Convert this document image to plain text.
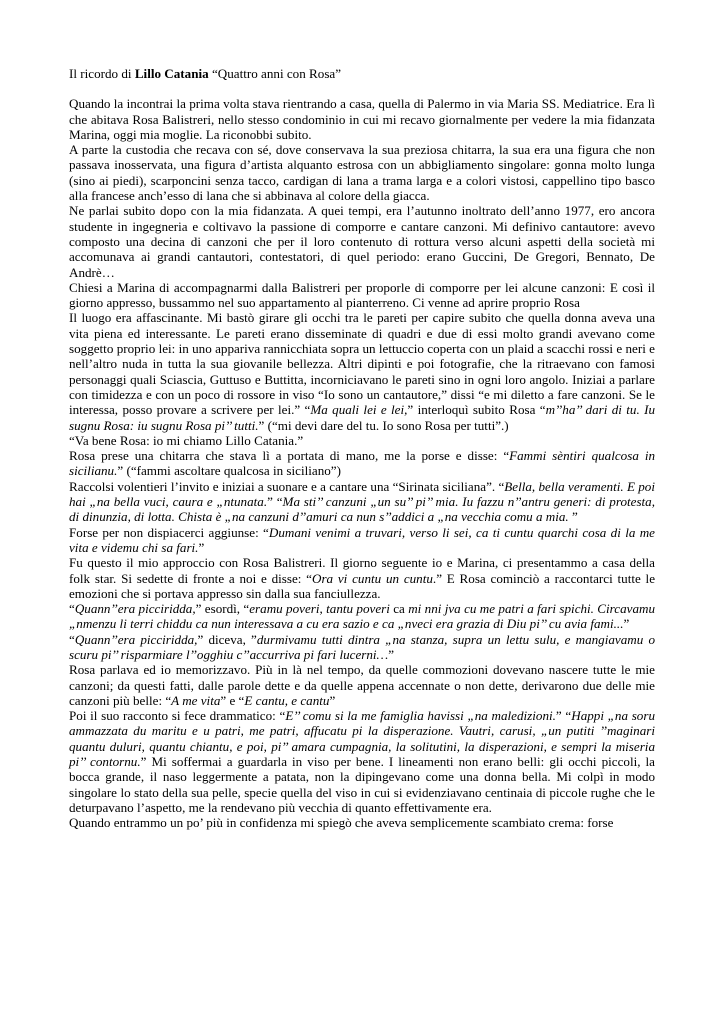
Il ricordo di Lillo Catania “Quattro anni con Rosa”

Quando la incontrai la prima volta stava rientrando a casa, quella di Palermo in via Maria SS. Mediatrice. Era lì che abitava Rosa Balistreri, nello stesso condominio in cui mi recavo giornalmente per vedere la mia fidanzata Marina, oggi mia moglie. La riconobbi subito.

A parte la custodia che recava con sé, dove conservava la sua preziosa chitarra, la sua era una figura che non passava inosservata, una figura d’artista alquanto estrosa con un abbigliamento singolare: gonna molto lunga (sino ai piedi), scarponcini senza tacco, cardigan di lana a trama larga e a colori vistosi, cappellino tipo basco alla francese anch’esso di lana che si abbinava al colore della giacca.

Ne parlai subito dopo con la mia fidanzata. A quei tempi, era l’autunno inoltrato dell’anno 1977, ero ancora studente in ingegneria e coltivavo la passione di comporre e cantare canzoni. Mi definivo cantautore: avevo composto una decina di canzoni che per il loro contenuto di rottura verso alcuni aspetti della società mi accomunava ai grandi cantautori, contestatori, di quel periodo: erano Guccini, De Gregori, Bennato, De Andrè…

Chiesi a Marina di accompagnarmi dalla Balistreri per proporle di comporre per lei alcune canzoni: E così il giorno appresso, bussammo nel suo appartamento al pianterreno. Ci venne ad aprire proprio Rosa

Il luogo era affascinante. Mi bastò girare gli occhi tra le pareti per capire subito che quella donna aveva una vita piena ed interessante. Le pareti erano disseminate di quadri e due di essi molto grandi avevano come soggetto proprio lei: in uno appariva rannicchiata sopra un lettuccio coperta con un plaid a scacchi rossi e neri e nell’altro nuda in tutta la sua giovanile bellezza. Altri dipinti e poi fotografie, che la ritraevano con famosi personaggi quali Sciascia, Guttuso e Buttitta, incorniciavano le pareti sino in ogni loro angolo. Iniziai a parlare con timidezza e con un poco di rossore in viso “Io sono un cantautore,” dissi “e mi diletto a fare canzoni. Se le interessa, posso provare a scrivere per lei.” “Ma quali lei e lei,” interloquì subito Rosa “m’’ha’’ dari di tu. Iu sugnu Rosa: iu sugnu Rosa pi’’ tutti.” (“mi devi dare del tu. Io sono Rosa per tutti”.)

“Va bene Rosa: io mi chiamo Lillo Catania.”

Rosa prese una chitarra che stava lì a portata di mano, me la porse e disse: “Fammi sèntiri qualcosa in sicilianu.” (“fammi ascoltare qualcosa in siciliano”)

Raccolsi volentieri l’invito e iniziai a suonare e a cantare una “Sirinata siciliana”. “Bella, bella veramenti. E poi hai „na bella vuci, caura e „ntunata.” “Ma sti’’ canzuni „un su’’ pi’’ mia. Iu fazzu n’’antru generi: di protesta, di dinunzia, di lotta. Chista è „na canzuni d’’amuri ca nun s’’addici a „na vecchia comu a mia. ”

Forse per non dispiacerci aggiunse: “Dumani venimi a truvari, verso li sei, ca ti cuntu quarchi cosa di la me vita e videmu chi sa fari.”

Fu questo il mio approccio con Rosa Balistreri. Il giorno seguente io e Marina, ci presentammo a casa della folk star. Si sedette di fronte a noi e disse: “Ora vi cuntu un cuntu.” E Rosa cominciò a raccontarci tutte le emozioni che si portava appresso sin dalla sua fanciullezza.

“Quann’’era picciridda,” esordì, “eramu poveri, tantu poveri ca mi nni jva cu me patri a fari spichi. Circavamu „nmenzu li terri chiddu ca nun interessava a cu era sazio e ca „nveci era grazia di Diu pi’’ cu avia fami...”

“Quann’’era picciridda,” diceva, ”durmivamu tutti dintra „na stanza, supra un lettu sulu, e mangiavamu o scuru pi’’ risparmiare l’’ogghiu c’’accurriva pi fari lucerni…”

Rosa parlava ed io memorizzavo. Più in là nel tempo, da quelle commozioni dovevano nascere tutte le mie canzoni; da questi fatti, dalle parole dette e da quelle appena accennate o non dette, derivarono due delle mie canzoni più belle: “A me vita” e “E cantu, e cantu”

Poi il suo racconto si fece drammatico: “E’’ comu si la me famiglia havissi „na maledizioni.” “Happi „na soru ammazzata du maritu e u patri, me patri, affucatu pi la disperazione. Vautri, carusi, „un putiti ’’maginari quantu duluri, quantu chiantu, e poi, pi’’ amara cumpagnia, la solitutini, la disperazioni, e sempri la miseria pi’’ contornu.” Mi soffermai a guardarla in viso per bene. I lineamenti non erano belli: gli occhi piccoli, la bocca grande, il naso leggermente a patata, non la dipingevano come una donna bella. Mi colpì in modo singolare lo stato della sua pelle, specie quella del viso in cui si evidenziavano centinaia di piccole rughe che le deturpavano l’aspetto, me la rendevano più vecchia di quanto effettivamente era.

Quando entrammo un po’ più in confidenza mi spiegò che aveva semplicemente scambiato crema: forse
